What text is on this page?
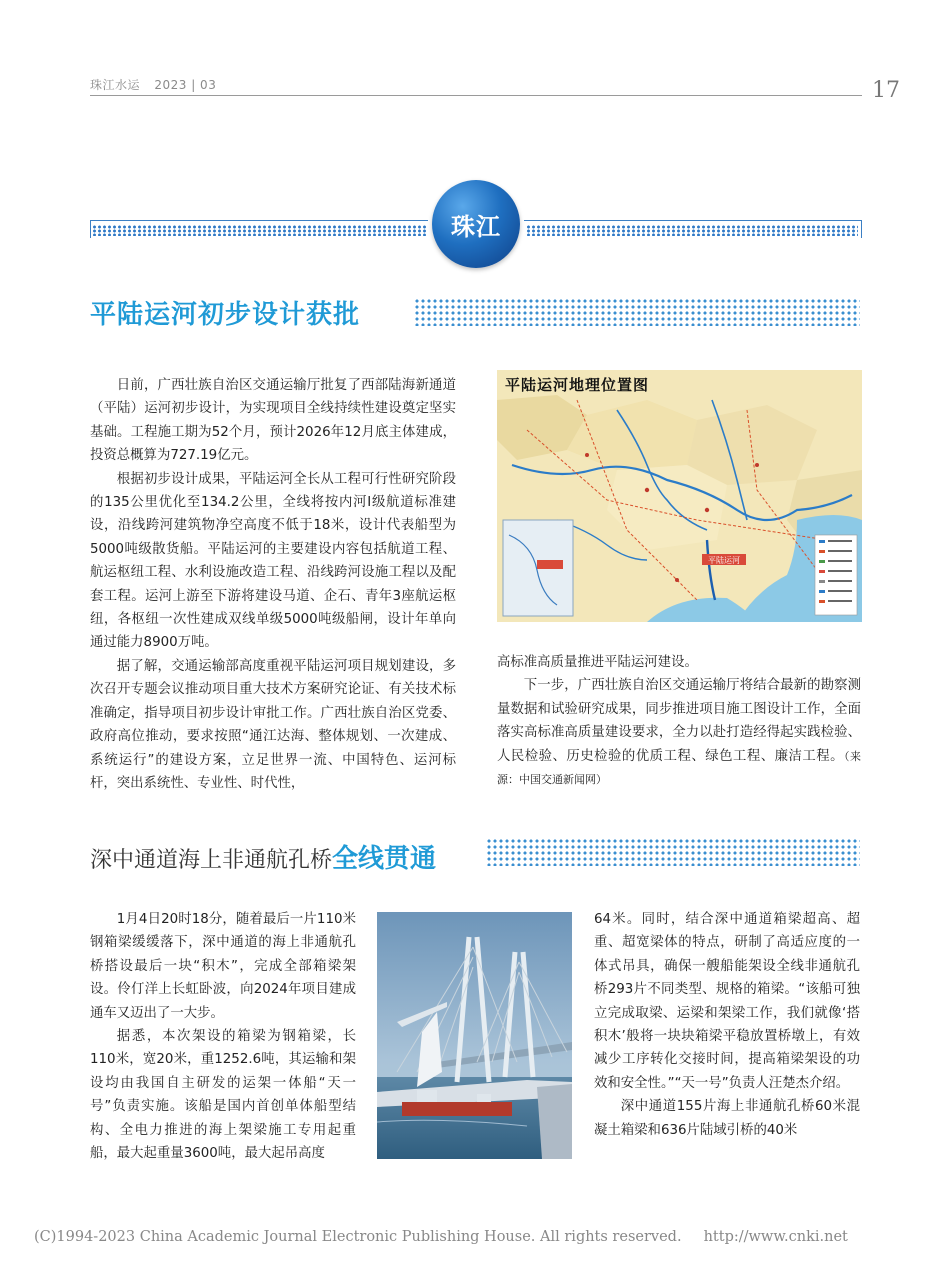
珠江水运 2023 | 03	17
珠江
平陆运河初步设计获批

日前，广西壮族自治区交通运输厅批复了西部陆海新通道（平陆）运河初步设计，为实现项目全线持续性建设奠定坚实基础。工程施工期为52个月，预计2026年12月底主体建成，投资总概算为727.19亿元。

根据初步设计成果，平陆运河全长从工程可行性研究阶段的135公里优化至134.2公里，全线将按内河Ⅰ级航道标准建设，沿线跨河建筑物净空高度不低于18米，设计代表船型为5000吨级散货船。平陆运河的主要建设内容包括航道工程、航运枢纽工程、水利设施改造工程、沿线跨河设施工程以及配套工程。运河上游至下游将建设马道、企石、青年3座航运枢纽，各枢纽一次性建成双线单级5000吨级船闸，设计年单向通过能力8900万吨。

据了解，交通运输部高度重视平陆运河项目规划建设，多次召开专题会议推动项目重大技术方案研究论证、有关技术标准确定，指导项目初步设计审批工作。广西壮族自治区党委、政府高位推动，要求按照“通江达海、整体规划、一次建成、系统运行”的建设方案，立足世界一流、中国特色、运河标杆，突出系统性、专业性、时代性，

平陆运河
平陆运河地理位置图

高标准高质量推进平陆运河建设。

下一步，广西壮族自治区交通运输厅将结合最新的勘察测量数据和试验研究成果，同步推进项目施工图设计工作，全面落实高标准高质量建设要求，全力以赴打造经得起实践检验、人民检验、历史检验的优质工程、绿色工程、廉洁工程。（来源：中国交通新闻网）

深中通道海上非通航孔桥全线贯通

1月4日20时18分，随着最后一片110米钢箱梁缓缓落下，深中通道的海上非通航孔桥搭设最后一块“积木”，完成全部箱梁架设。伶仃洋上长虹卧波，向2024年项目建成通车又迈出了一大步。

据悉，本次架设的箱梁为钢箱梁，长110米，宽20米，重1252.6吨，其运输和架设均由我国自主研发的运架一体船“天一号”负责实施。该船是国内首创单体船型结构、全电力推进的海上架梁施工专用起重船，最大起重量3600吨，最大起吊高度

64米。同时，结合深中通道箱梁超高、超重、超宽梁体的特点，研制了高适应度的一体式吊具，确保一艘船能架设全线非通航孔桥293片不同类型、规格的箱梁。“该船可独立完成取梁、运梁和架梁工作，我们就像‘搭积木’般将一块块箱梁平稳放置桥墩上，有效减少工序转化交接时间，提高箱梁架设的功效和安全性。”“天一号”负责人汪楚杰介绍。

深中通道155片海上非通航孔桥60米混凝土箱梁和636片陆域引桥的40米

(C)1994-2023 China Academic Journal Electronic Publishing House. All rights reserved. http://www.cnki.net
